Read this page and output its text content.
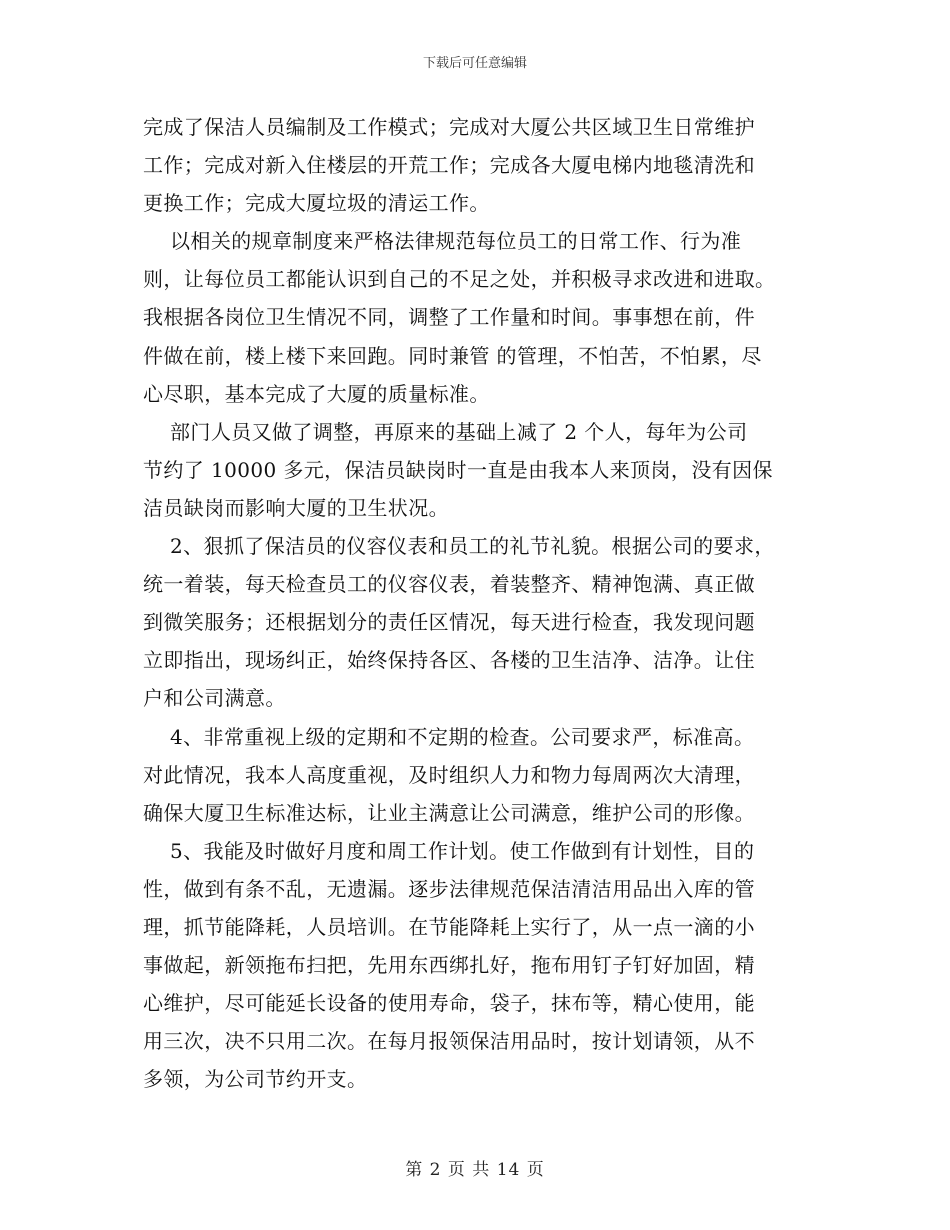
下载后可任意编辑
完成了保洁人员编制及工作模式；完成对大厦公共区域卫生日常维护
工作；完成对新入住楼层的开荒工作；完成各大厦电梯内地毯清洗和
更换工作；完成大厦垃圾的清运工作。
以相关的规章制度来严格法律规范每位员工的日常工作、行为准
则，让每位员工都能认识到自己的不足之处，并积极寻求改进和进取。
我根据各岗位卫生情况不同，调整了工作量和时间。事事想在前，件
件做在前，楼上楼下来回跑。同时兼管 的管理，不怕苦，不怕累，尽
心尽职，基本完成了大厦的质量标准。
部门人员又做了调整，再原来的基础上减了 2 个人，每年为公司
节约了 10000 多元，保洁员缺岗时一直是由我本人来顶岗，没有因保
洁员缺岗而影响大厦的卫生状况。
2、狠抓了保洁员的仪容仪表和员工的礼节礼貌。根据公司的要求，
统一着装，每天检查员工的仪容仪表，着装整齐、精神饱满、真正做
到微笑服务；还根据划分的责任区情况，每天进行检查，我发现问题
立即指出，现场纠正，始终保持各区、各楼的卫生洁净、洁净。让住
户和公司满意。
4、非常重视上级的定期和不定期的检查。公司要求严，标准高。
对此情况，我本人高度重视，及时组织人力和物力每周两次大清理，
确保大厦卫生标准达标，让业主满意让公司满意，维护公司的形像。
5、我能及时做好月度和周工作计划。使工作做到有计划性，目的
性，做到有条不乱，无遗漏。逐步法律规范保洁清洁用品出入库的管
理，抓节能降耗，人员培训。在节能降耗上实行了，从一点一滴的小
事做起，新领拖布扫把，先用东西绑扎好，拖布用钉子钉好加固，精
心维护，尽可能延长设备的使用寿命，袋子，抹布等，精心使用，能
用三次，决不只用二次。在每月报领保洁用品时，按计划请领，从不
多领，为公司节约开支。
第 2 页 共 14 页
